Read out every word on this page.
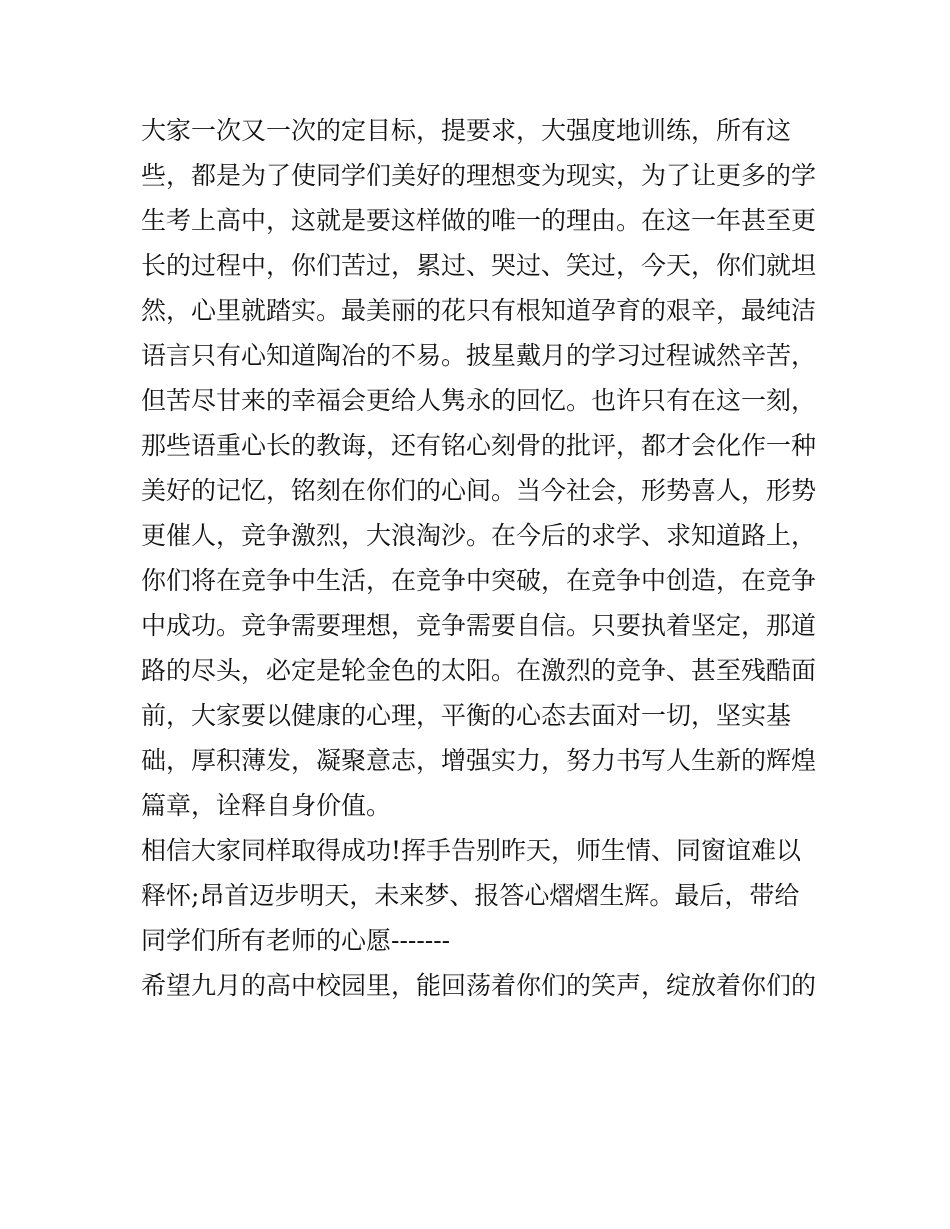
大家一次又一次的定目标，提要求，大强度地训练，所有这
些，都是为了使同学们美好的理想变为现实，为了让更多的学
生考上高中，这就是要这样做的唯一的理由。在这一年甚至更
长的过程中，你们苦过，累过、哭过、笑过，今天，你们就坦
然，心里就踏实。最美丽的花只有根知道孕育的艰辛，最纯洁
语言只有心知道陶冶的不易。披星戴月的学习过程诚然辛苦，
但苦尽甘来的幸福会更给人隽永的回忆。也许只有在这一刻，
那些语重心长的教诲，还有铭心刻骨的批评，都才会化作一种
美好的记忆，铭刻在你们的心间。当今社会，形势喜人，形势
更催人，竞争激烈，大浪淘沙。在今后的求学、求知道路上，
你们将在竞争中生活，在竞争中突破，在竞争中创造，在竞争
中成功。竞争需要理想，竞争需要自信。只要执着坚定，那道
路的尽头，必定是轮金色的太阳。在激烈的竞争、甚至残酷面
前，大家要以健康的心理，平衡的心态去面对一切，坚实基
础，厚积薄发，凝聚意志，增强实力，努力书写人生新的辉煌
篇章，诠释自身价值。
相信大家同样取得成功!挥手告别昨天，师生情、同窗谊难以
释怀;昂首迈步明天，未来梦、报答心熠熠生辉。最后，带给
同学们所有老师的心愿-------
希望九月的高中校园里，能回荡着你们的笑声，绽放着你们的
